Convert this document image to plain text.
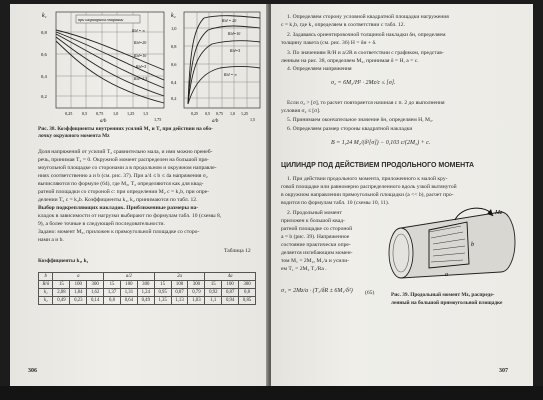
k₁
0,8
0,6
0,4
0,2
при шарнирном опирании
R/d = ∞
R/d=20
R/d=10
R/d=5
R/d=2,5
0,25 0,5 0,75 1,0 1,25 1,5
1,75
a/b
k₂
1,0
0,8
0,6
0,4
0,2
R/d = 20
R/d=10
R/d=5
R/d = ∞
0,25 0,5 0,75 1,0 1,25
1,5
a/b
Рис. 38. Коэффициенты внутренних усилий M₂ и T₂ при действии на обо-
лочку окружного момента Mz
Доля напряжений от усилий T₂ сравнительно мала, и ими можно пренеб-
речь, принимая T₂ = 0. Окружной момент распределен на большой пря-
моугольной площадке со сторонами a в продольном и окружном направле-
ниях соответственно a и b (см. рис. 37). При a/4 ≤ b ≤ 4a напряжения σ₂
вычисляются по формуле (64), где M₂, T₂ определяются как для квад-
ратной площадки со стороной c: при определении M₂ c = k₁b, при опре-
делении T₂ c = k₂b. Коэффициенты k₁, k₂ принимаются по табл. 12.
Выбор подкрепляющих накладок. Приближенные размеры на-
кладок в зависимости от нагрузки выбирают по формулам табл. 10 (схемы 8,
9), а более точные в следующей последовательности.
Задано: момент M₂, приложен к прямоугольной площадке со сторо-
нами a и b.
Таблица 12
Коэффициенты k₁, k₂
b	a			a/2			2a			4a		
R/δ	15	100	300	15	100	300	15	100	300	15	100	300
k₁	2,08	1,84	1,62	1,37	1,31	1,24	0,95	0,87	0,79	0,92	0,87	0,8
k₂	0,49	0,23	0,14	0,8	0,64	0,49	1,35	1,13	1,03	1,1	0,94	0,85
306
1. Определяем сторону условной квадратной площадки нагружения
c = k₁b, где k₁ определяем в соответствии с табл. 12.
2. Задаваясь ориентировочной толщиной накладки δн, определяем
толщину пакета (см. рис. 36) H = δн + δ.
3. По значениям R/H и a/2R в соответствии с графиком, представ-
ленным на рис. 38, определяем M₂, принимая δ = H, a = c.
4. Определяем напряжения
σ₂ = 6M₂/H² · 2Mz/c ≤ [σ].
Если σ₂ > [σ], то расчет повторяется начиная с п. 2 до выполнения
условия σ₂ ≤ [σ].
5. Принимаем окончательное значение δн, определяем H, M₂.
6. Определяем размер стороны квадратной накладки
B = 1,24 M₂/(δ²[σ]) − 0,103 c/(2M₂) + c.
ЦИЛИНДР ПОД ДЕЙСТВИЕМ ПРОДОЛЬНОГО МОМЕНТА
1. При действии продольного момента, приложенного к малой кру-
говой площадке или равномерно распределенного вдоль узкой вытянутой
в окружном направлении прямоугольной площадки (a << b), расчет про-
водится по формулам табл. 10 (схемы 10, 11).
2. Продольный момент
приложен к большой квад-
ратной площадке со стороной
a = b (рис. 39). Напряженное
состояние практически опре-
деляется изгибающим момен-
том M₁ = 2M₂, M₁/a и усили-
ем T₁ = 2M₂ T₁/Ra .
σ₁ = 2Mz/a · (T₁/δR ± 6M₁/δ²) (65)
Mz
a
b
Рис. 39. Продольный момент Mz, распреде-
ленный на большой прямоугольной площадке
307
